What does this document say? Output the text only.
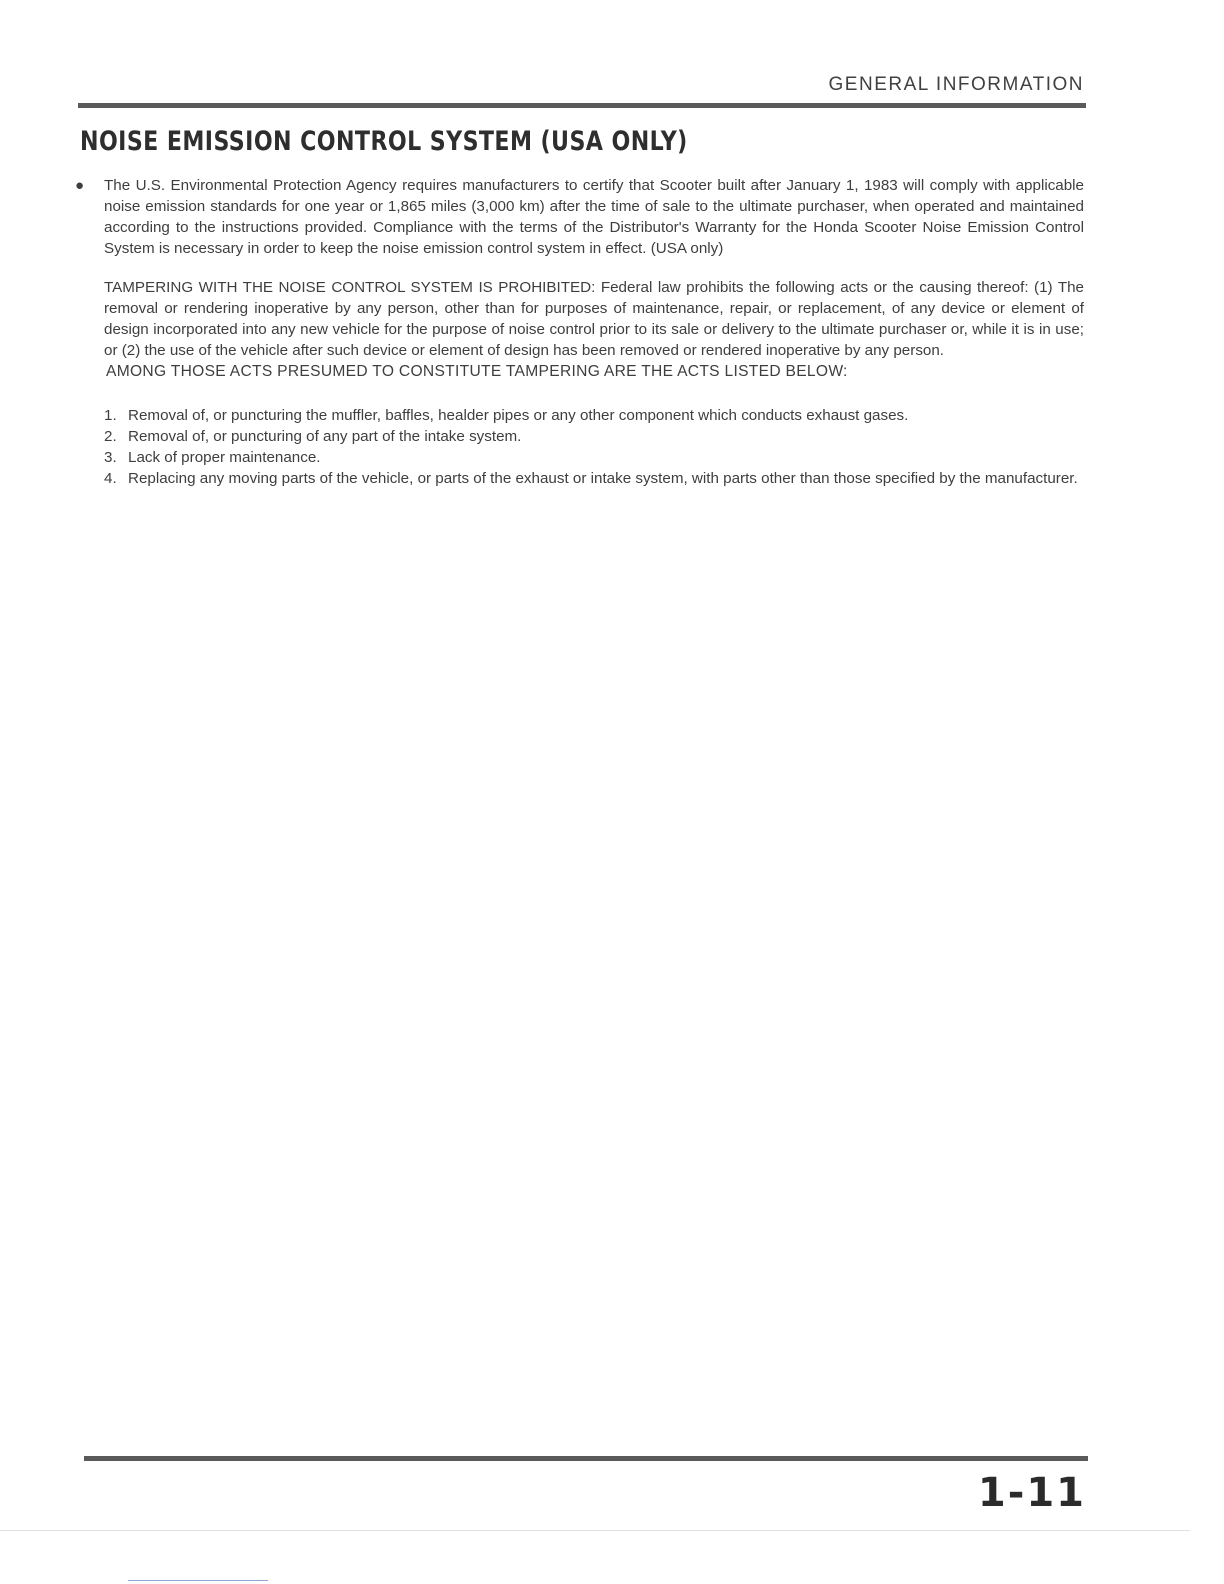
GENERAL INFORMATION
NOISE EMISSION CONTROL SYSTEM (USA ONLY)

● The U.S. Environmental Protection Agency requires manufacturers to certify that Scooter built after January 1, 1983 will comply with applicable noise emission standards for one year or 1,865 miles (3,000 km) after the time of sale to the ultimate purchaser, when operated and maintained according to the instructions provided. Compliance with the terms of the Distributor's Warranty for the Honda Scooter Noise Emission Control System is necessary in order to keep the noise emission control system in effect. (USA only)

TAMPERING WITH THE NOISE CONTROL SYSTEM IS PROHIBITED: Federal law prohibits the following acts or the causing thereof: (1) The removal or rendering inoperative by any person, other than for purposes of maintenance, repair, or replacement, of any device or element of design incorporated into any new vehicle for the purpose of noise control prior to its sale or delivery to the ultimate purchaser or, while it is in use; or (2) the use of the vehicle after such device or element of design has been removed or rendered inoperative by any person.

AMONG THOSE ACTS PRESUMED TO CONSTITUTE TAMPERING ARE THE ACTS LISTED BELOW:

1. Removal of, or puncturing the muffler, baffles, healder pipes or any other component which conducts exhaust gases.
2. Removal of, or puncturing of any part of the intake system.
3. Lack of proper maintenance.
4. Replacing any moving parts of the vehicle, or parts of the exhaust or intake system, with parts other than those specified by the manufacturer.
1-11
